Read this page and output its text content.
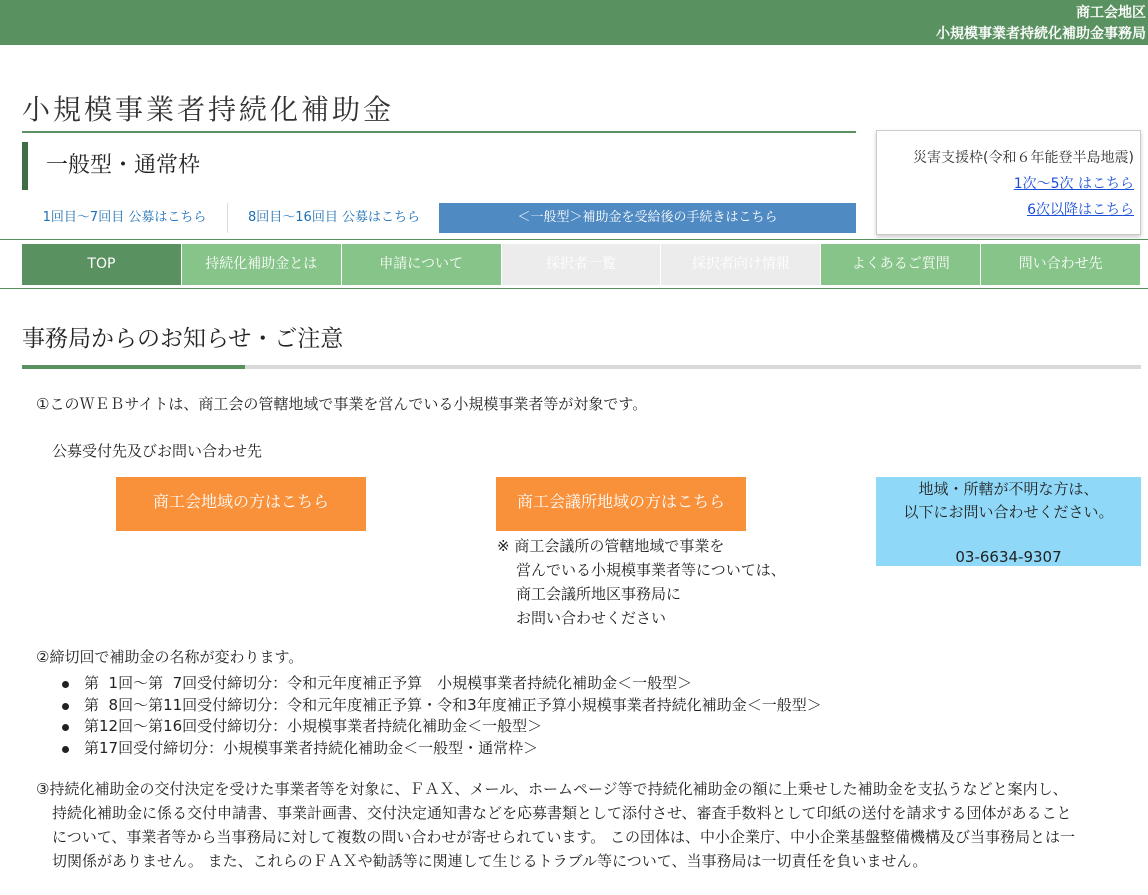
商工会地区
小規模事業者持続化補助金事務局
小規模事業者持続化補助金
一般型・通常枠
1回目〜7回目 公募はこちら	8回目〜16回目 公募はこちら	＜一般型＞補助金を受給後の手続きはこちら
災害支援枠(令和６年能登半島地震)
1次〜5次 はこちら
6次以降はこちら
TOP	持続化補助金とは	申請について	採択者一覧	採択者向け情報	よくあるご質問	問い合わせ先
事務局からのお知らせ・ご注意
①このＷＥＢサイトは、商工会の管轄地域で事業を営んでいる小規模事業者等が対象です。
公募受付先及びお問い合わせ先
商工会地域の方はこちら	商工会議所地域の方はこちら
※ 商工会議所の管轄地域で事業を
営んでいる小規模事業者等については、
商工会議所地区事務局に
お問い合わせください
地域・所轄が不明な方は、
以下にお問い合わせください。
03-6634-9307
②締切回で補助金の名称が変わります。
第  1回〜第  7回受付締切分：令和元年度補正予算　小規模事業者持続化補助金＜一般型＞
第  8回〜第11回受付締切分：令和元年度補正予算・令和3年度補正予算小規模事業者持続化補助金＜一般型＞
第12回〜第16回受付締切分：小規模事業者持続化補助金＜一般型＞
第17回受付締切分：小規模事業者持続化補助金＜一般型・通常枠＞
③持続化補助金の交付決定を受けた事業者等を対象に、ＦＡＸ、メール、ホームページ等で持続化補助金の額に上乗せした補助金を支払うなどと案内し、
持続化補助金に係る交付申請書、事業計画書、交付決定通知書などを応募書類として添付させ、審査手数料として印紙の送付を請求する団体があること
について、事業者等から当事務局に対して複数の問い合わせが寄せられています。 この団体は、中小企業庁、中小企業基盤整備機構及び当事務局とは一
切関係がありません。 また、これらのＦＡＸや勧誘等に関連して生じるトラブル等について、当事務局は一切責任を負いません。
